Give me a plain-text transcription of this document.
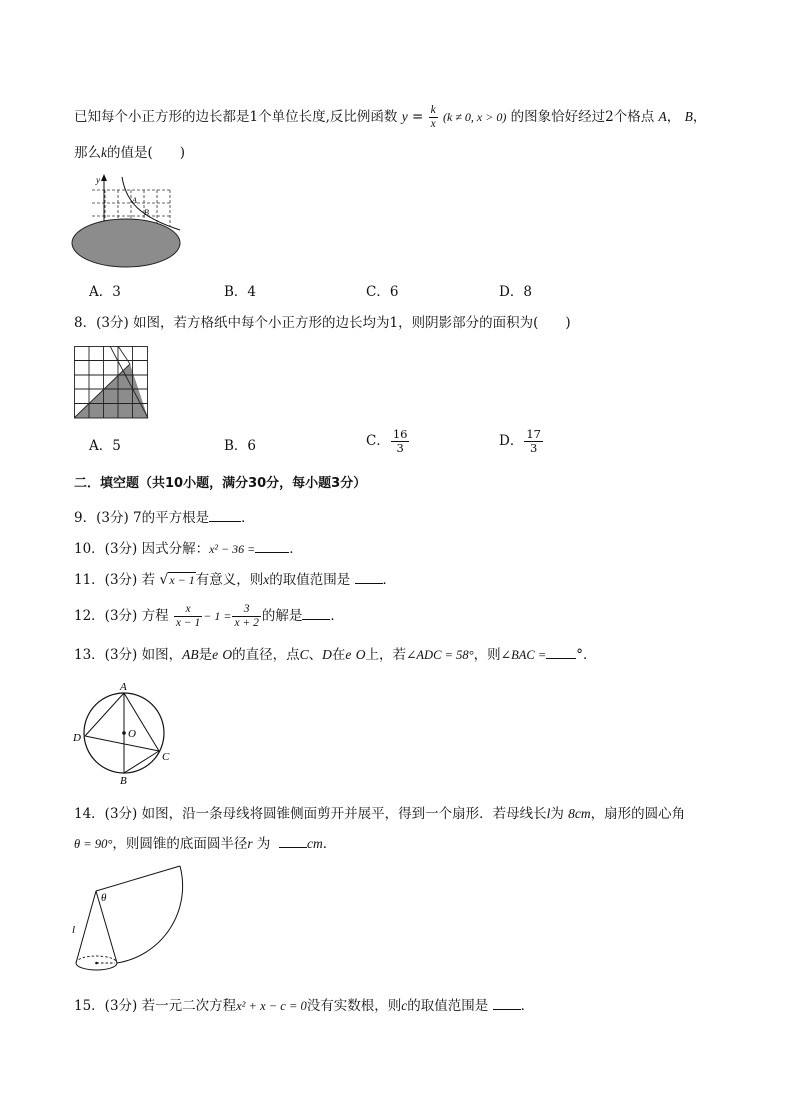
已知每个小正方形的边长都是1个单位长度,反比例函数 $y = \frac{k}{x} (k \ne 0$, x > 0) 的图象恰好经过2个格点 A， B，
那么k的值是(　　)
y
A
B
A．3	B．4	C．6	D．8
8．(3分) 如图，若方格纸中每个小正方形的边长均为1，则阴影部分的面积为(　　)
A．5	B．6	C． $\frac{16}{3}$	D． $\frac{17}{3}$
二．填空题（共10小题，满分30分，每小题3分）
9．(3分) 7的平方根是 ．
10．(3分) 因式分解：x² − 36 =	．
11．(3分) 若 √x − 1有意义，则x的取值范围是 ．
12．(3分) 方程 $\frac{x}{x - 1} - 1 = \frac{3}{x + 2}$ 的解是 ．
13．(3分) 如图，AB是e O的直径，点C、D在e O上，若∠ADC = 58°，则∠BAC = °．
A
B
C
D	O
14．(3分) 如图，沿一条母线将圆锥侧面剪开并展平，得到一个扇形．若母线长l为 8cm，扇形的圆心角
θ = 90°，则圆锥的底面圆半径r 为	cm．
θ
l
15．(3分) 若一元二次方程x² + x − c = 0没有实数根，则c的取值范围是 ．
